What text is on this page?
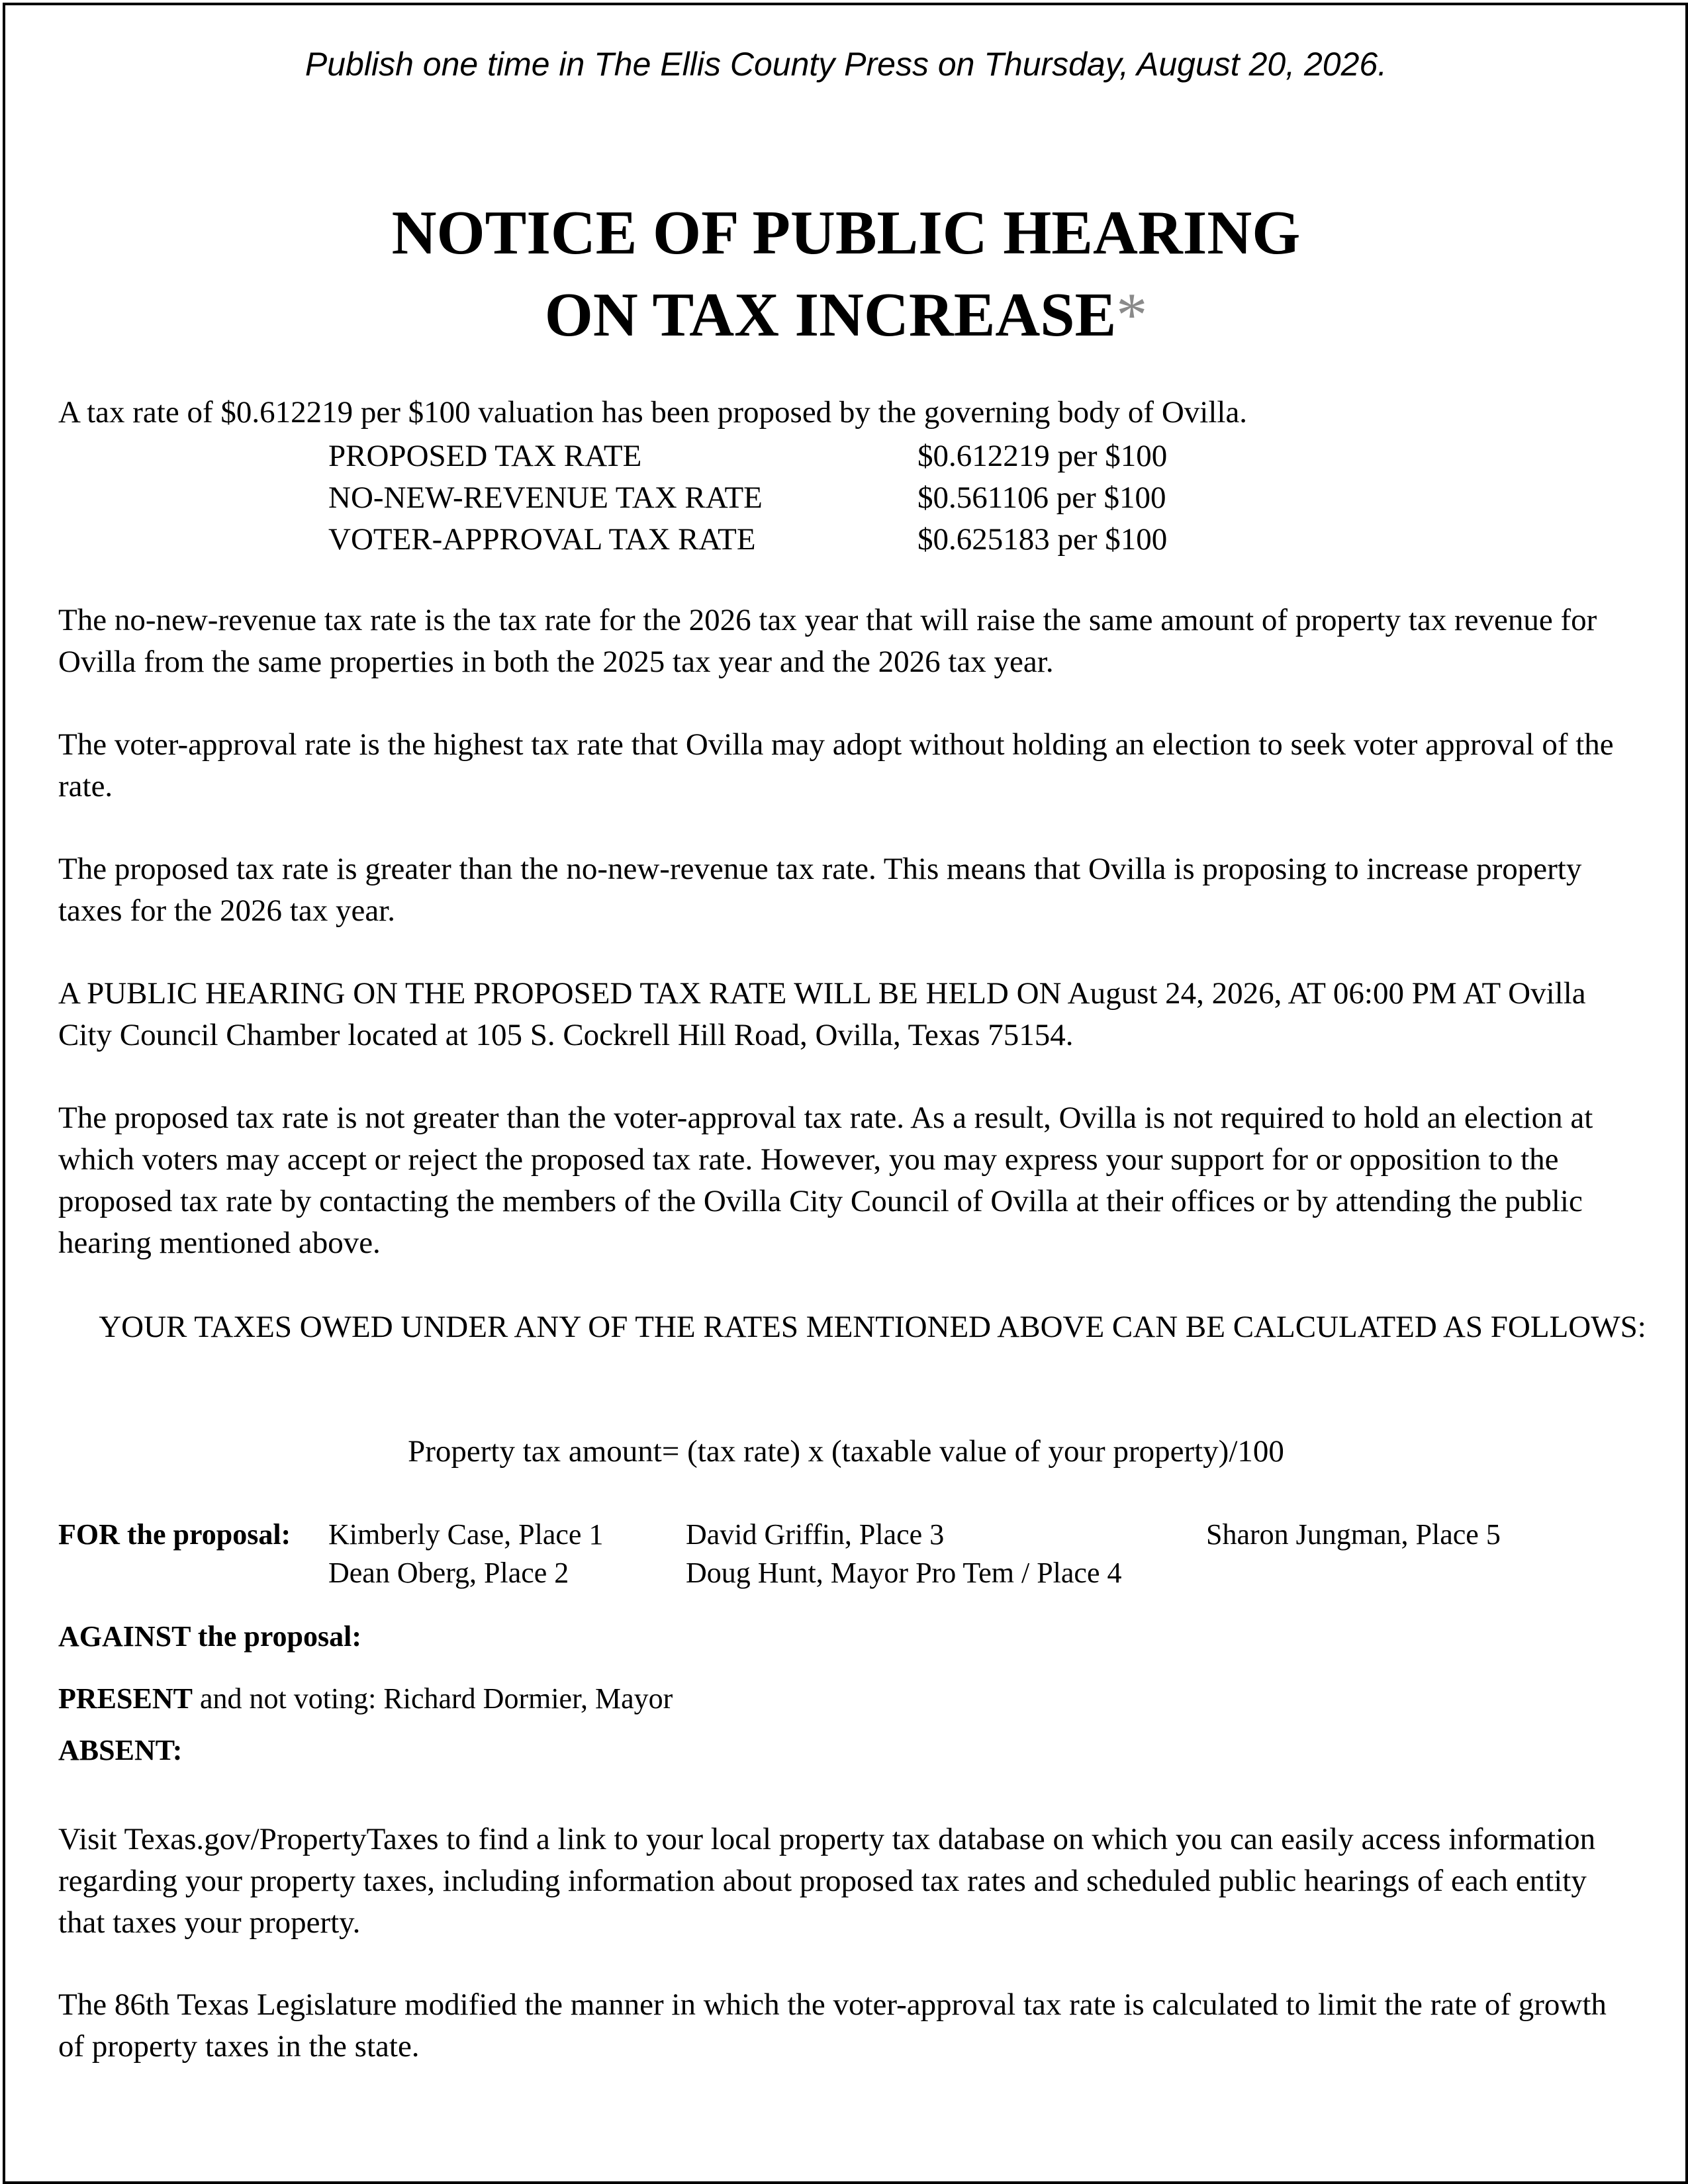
Publish one time in The Ellis County Press on Thursday, August 20, 2026.
NOTICE OF PUBLIC HEARING
ON TAX INCREASE*

A tax rate of $0.612219 per $100 valuation has been proposed by the governing body of Ovilla.

PROPOSED TAX RATE	$0.612219 per $100
NO-NEW-REVENUE TAX RATE	$0.561106 per $100
VOTER-APPROVAL TAX RATE	$0.625183 per $100

The no-new-revenue tax rate is the tax rate for the 2026 tax year that will raise the same amount of property tax revenue for Ovilla from the same properties in both the 2025 tax year and the 2026 tax year.

The voter-approval rate is the highest tax rate that Ovilla may adopt without holding an election to seek voter approval of the rate.

The proposed tax rate is greater than the no-new-revenue tax rate. This means that Ovilla is proposing to increase property taxes for the 2026 tax year.

A PUBLIC HEARING ON THE PROPOSED TAX RATE WILL BE HELD ON August 24, 2026, AT 06:00 PM AT Ovilla City Council Chamber located at 105 S. Cockrell Hill Road, Ovilla, Texas 75154.

The proposed tax rate is not greater than the voter-approval tax rate. As a result, Ovilla is not required to hold an election at which voters may accept or reject the proposed tax rate. However, you may express your support for or opposition to the proposed tax rate by contacting the members of the Ovilla City Council of Ovilla at their offices or by attending the public hearing mentioned above.

YOUR TAXES OWED UNDER ANY OF THE RATES MENTIONED ABOVE CAN BE CALCULATED AS FOLLOWS:

Property tax amount= (tax rate) x (taxable value of your property)/100

FOR the proposal: Kimberly Case, Place 1	David Griffin, Place 3	Sharon Jungman, Place 5
Dean Oberg, Place 2	Doug Hunt, Mayor Pro Tem / Place 4
AGAINST the proposal:
PRESENT and not voting: Richard Dormier, Mayor
ABSENT:

Visit Texas.gov/PropertyTaxes to find a link to your local property tax database on which you can easily access information regarding your property taxes, including information about proposed tax rates and scheduled public hearings of each entity that taxes your property.

The 86th Texas Legislature modified the manner in which the voter-approval tax rate is calculated to limit the rate of growth of property taxes in the state.
